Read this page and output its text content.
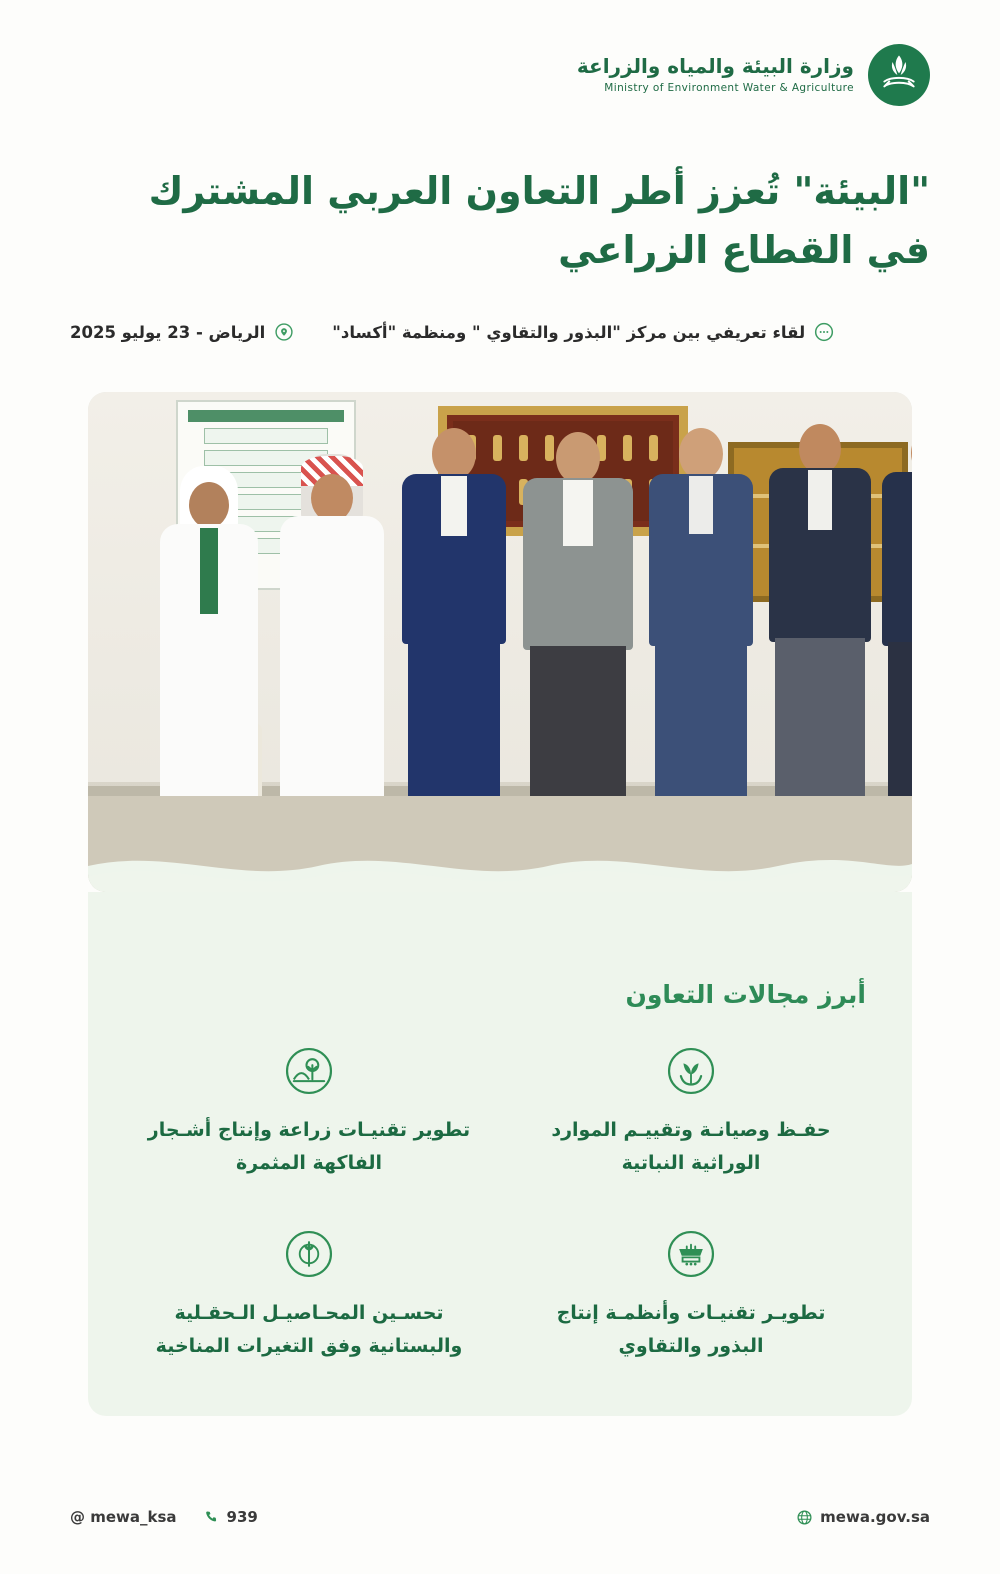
وزارة البيئة والمياه والزراعة
Ministry of Environment Water & Agriculture
"البيئة" تُعزز أطر التعاون العربي المشترك في القطاع الزراعي
لقاء تعريفي بين مركز "البذور والتقاوي " ومنظمة "أكساد"
الرياض - 23 يوليو 2025
أبرز مجالات التعاون
حفـظ وصيانـة وتقييـم الموارد الوراثية النباتية
تطوير تقنيـات زراعة وإنتاج أشـجار الفاكهة المثمرة
تطويـر تقنيـات وأنظمـة إنتاج البذور والتقاوي
تحسـين المحـاصيـل الـحقـلية والبستانية وفق التغيرات المناخية
@ mewa_ksa	939	mewa.gov.sa
